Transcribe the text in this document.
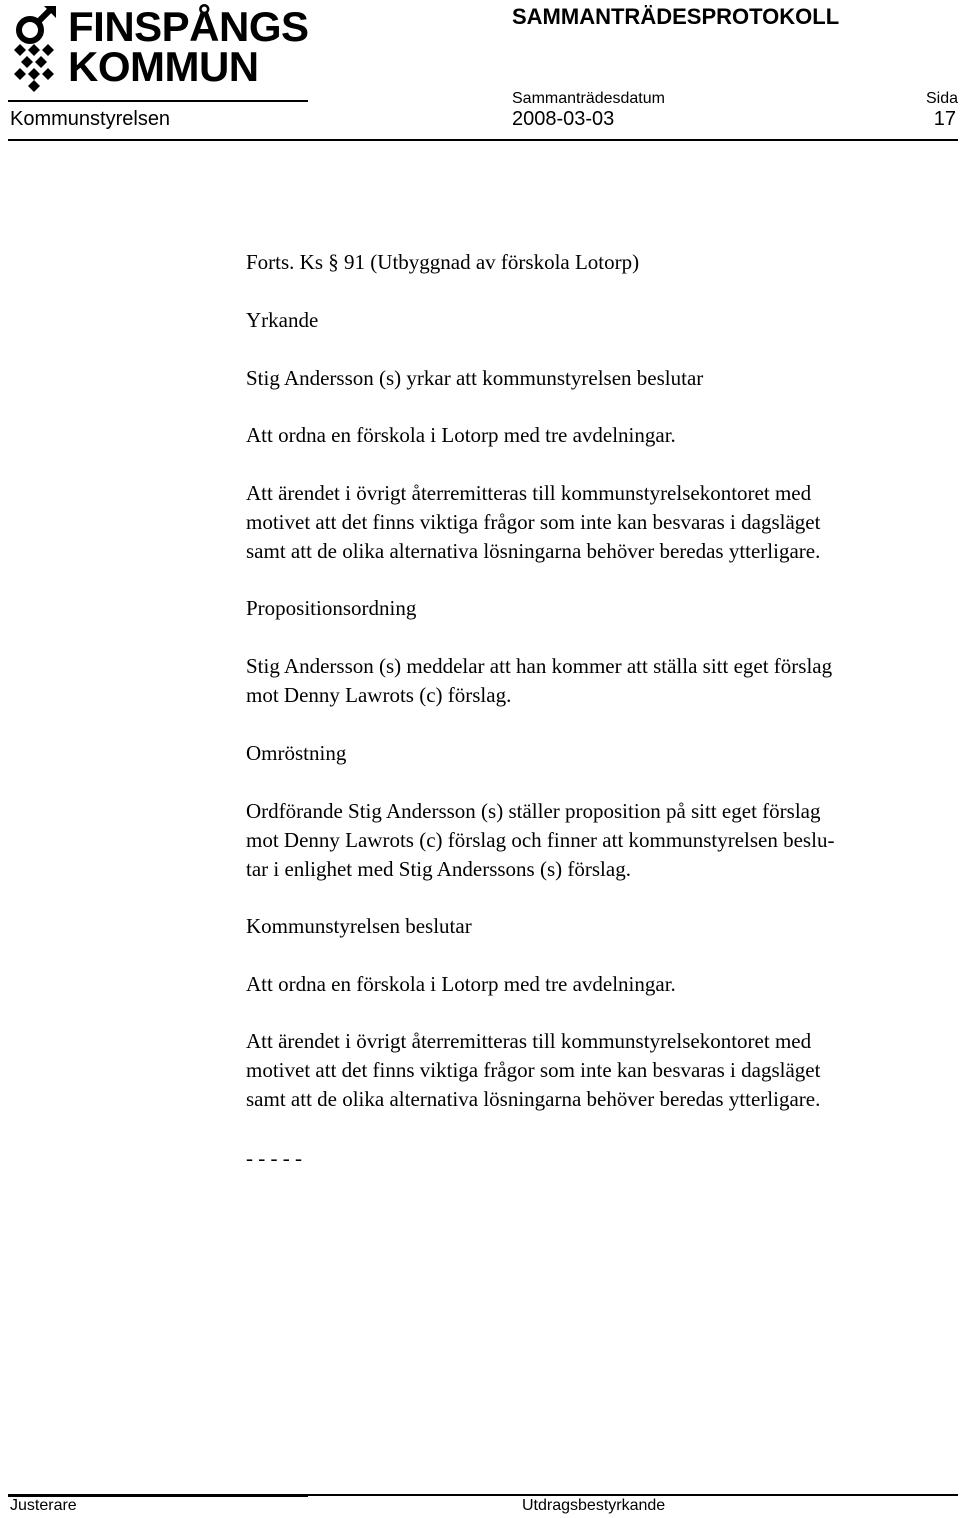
FINSPÅNGS
KOMMUN
SAMMANTRÄDESPROTOKOLL
Sammanträdesdatum	Sida
Kommunstyrelsen	2008-03-03	17
Forts. Ks § 91 (Utbyggnad av förskola Lotorp)
Yrkande
Stig Andersson (s) yrkar att kommunstyrelsen beslutar
Att ordna en förskola i Lotorp med tre avdelningar.
Att ärendet i övrigt återremitteras till kommunstyrelsekontoret med
motivet att det finns viktiga frågor som inte kan besvaras i dagsläget
samt att de olika alternativa lösningarna behöver beredas ytterligare.
Propositionsordning
Stig Andersson (s) meddelar att han kommer att ställa sitt eget förslag
mot Denny Lawrots (c) förslag.
Omröstning
Ordförande Stig Andersson (s) ställer proposition på sitt eget förslag
mot Denny Lawrots (c) förslag och finner att kommunstyrelsen beslu-
tar i enlighet med Stig Anderssons (s) förslag.
Kommunstyrelsen beslutar
Att ordna en förskola i Lotorp med tre avdelningar.
Att ärendet i övrigt återremitteras till kommunstyrelsekontoret med
motivet att det finns viktiga frågor som inte kan besvaras i dagsläget
samt att de olika alternativa lösningarna behöver beredas ytterligare.
- - - - -
Justerare	Utdragsbestyrkande
